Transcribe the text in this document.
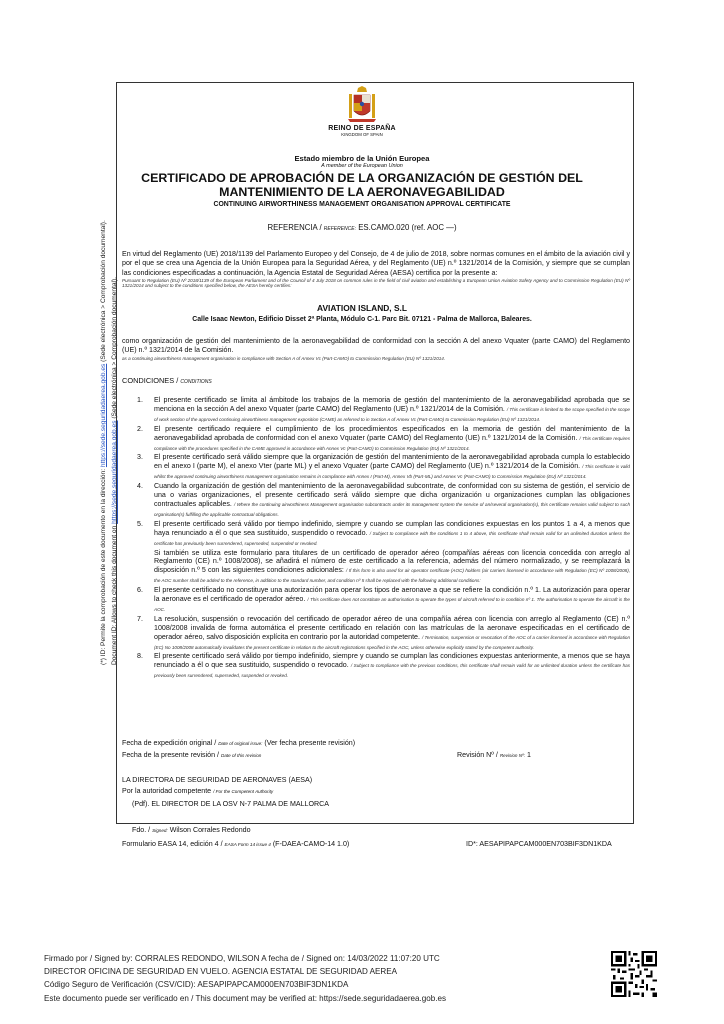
(*) ID: Permite la comprobación de este documento en la dirección: https://sede.seguridadaerea.gob.es (Sede electrónica > Comprobación documental).
Document ID: Allows to check this document on https://sede.seguridadaerea.gob.es (Sede electrónica > Comprobación documental).
REINO DE ESPAÑA
KINGDOM OF SPAIN
Estado miembro de la Unión Europea
A member of the European Union
CERTIFICADO DE APROBACIÓN DE LA ORGANIZACIÓN DE GESTIÓN DEL
MANTENIMIENTO DE LA AERONAVEGABILIDAD
CONTINUING AIRWORTHINESS MANAGEMENT ORGANISATION APPROVAL CERTIFICATE
REFERENCIA / REFERENCE: ES.CAMO.020 (ref. AOC —)
En virtud del Reglamento (UE) 2018/1139 del Parlamento Europeo y del Consejo, de 4 de julio de 2018, sobre normas comunes en el ámbito de la aviación civil y por el que se crea una Agencia de la Unión Europea para la Seguridad Aérea, y del Reglamento (UE) n.º 1321/2014 de la Comisión, y siempre que se cumplan las condiciones especificadas a continuación, la Agencia Estatal de Seguridad Aérea (AESA) certifica por la presente a:
Pursuant to Regulation (EU) Nº 2018/1139 of the European Parliament and of the Council of 4 July 2018 on common rules in the field of civil aviation and establishing a European Union Aviation Safety Agency and to Commission Regulation (EU) Nº 1321/2014 and subject to the conditions specified below, the AESA hereby certifies:
AVIATION ISLAND, S.L
Calle Isaac Newton, Edificio Disset 2ª Planta, Módulo C-1. Parc Bit. 07121 - Palma de Mallorca, Baleares.
como organización de gestión del mantenimiento de la aeronavegabilidad de conformidad con la sección A del anexo Vquater (parte CAMO) del Reglamento (UE) n.º 1321/2014 de la Comisión.
as a continuing airworthiness management organisation in compliance with Section A of Annex Vc (Part-CAMO) to Commission Regulation (EU) Nº 1321/2014.
CONDICIONES / CONDITIONS
1.	El presente certificado se limita al ámbitode los trabajos de la memoria de gestión del mantenimiento de la aeronavegabilidad aprobada que se menciona en la sección A del anexo Vquater (parte CAMO) del Reglamento (UE) n.º 1321/2014 de la Comisión. / This certificate is limited to the scope specified in the scope of work section of the approved continuing airworthiness management exposition (CAME) as referred to in Section A of Annex Vc (Part-CAMO) to Commission Regulation (EU) Nº 1321/2014.
2.	El presente certificado requiere el cumplimiento de los procedimientos especificados en la memoria de gestión del mantenimiento de la aeronavegabilidad aprobada de conformidad con el anexo Vquater (parte CAMO) del Reglamento (UE) n.º 1321/2014 de la Comisión. / This certificate requires compliance with the procedures specified in the CAME approved in accordance with Annex Vc (Part-CAMO) to Commission Regulation (EU) Nº 1321/2014.
3.	El presente certificado será válido siempre que la organización de gestión del mantenimiento de la aeronavegabilidad aprobada cumpla lo establecido en el anexo I (parte M), el anexo Vter (parte ML) y el anexo Vquater (parte CAMO) del Reglamento (UE) n.º 1321/2014 de la Comisión. / This certificate is valid whilst the approved continuing airworthiness management organisation remains in compliance with Annex I (Part-M), Annex Vb (Part-ML) and Annex Vc (Part-CAMO) to Commission Regulation (EU) Nº 1321/2014.
4.	Cuando la organización de gestión del mantenimiento de la aeronavegabilidad subcontrate, de conformidad con su sistema de gestión, el servicio de una o varias organizaciones, el presente certificado será válido siempre que dicha organización u organizaciones cumplan las obligaciones contractuales aplicables. / Where the continuing airworthiness Management organisation subcontracts under its management system the service of an/several organisation(s), this certificate remains valid subject to such organisation(s) fulfilling the applicable contractual obligations.
5.	El presente certificado será válido por tiempo indefinido, siempre y cuando se cumplan las condiciones expuestas en los puntos 1 a 4, a menos que haya renunciado a él o que sea sustituido, suspendido o revocado. / Subject to compliance with the conditions 1 to 4 above, this certificate shall remain valid for an unlimited duration unless the certificate has previously been surrendered, superseded, suspended or revoked.
Si también se utiliza este formulario para titulares de un certificado de operador aéreo (compañías aéreas con licencia concedida con arreglo al Reglamento (CE) n.º 1008/2008), se añadirá el número de este certificado a la referencia, además del número normalizado, y se reemplazará la disposición n.º 5 con las siguientes condiciones adicionales: / If this form is also used for air operator certificate (AOC) holders (air carriers licensed in accordance with Regulation (EC) Nº 1008/2008), the AOC number shall be added to the reference, in addition to the standard number, and condition nº 5 shall be replaced with the following additional conditions:
6.	El presente certificado no constituye una autorización para operar los tipos de aeronave a que se refiere la condición n.º 1. La autorización para operar la aeronave es el certificado de operador aéreo. / This certificate does not constitute an authorisation to operate the types of aircraft referred to in condition nº 1. The authorisation to operate the aircraft is the AOC.
7.	La resolución, suspensión o revocación del certificado de operador aéreo de una compañía aérea con licencia con arreglo al Reglamento (CE) n.º 1008/2008 invalida de forma automática el presente certificado en relación con las matrículas de la aeronave especificadas en el certificado de operador aéreo, salvo disposición explícita en contrario por la autoridad competente. / Termination, suspension or revocation of the AOC of a carrier licensed in accordance with Regulation (EC) No 1008/2008 automatically invalidates the present certificate in relation to the aircraft registrations specified in the AOC, unless otherwise explicitly stated by the competent authority.
8.	El presente certificado será válido por tiempo indefinido, siempre y cuando se cumplan las condiciones expuestas anteriormente, a menos que se haya renunciado a él o que sea sustituido, suspendido o revocado. / Subject to compliance with the previous conditions, this certificate shall remain valid for an unlimited duration unless the certificate has previously been surrendered, superseded, suspended or revoked.
Fecha de expedición original / Date of original issue: (Ver fecha presente revisión)
Fecha de la presente revisión / Date of this revision	Revisión Nº / Revision Nº: 1
LA DIRECTORA DE SEGURIDAD DE AERONAVES (AESA)
Por la autoridad competente / For the Competent Authority
(Pdf). EL DIRECTOR DE LA OSV N-7 PALMA DE MALLORCA
Fdo. / Signed: Wilson Corrales Redondo
Formulario EASA 14, edición 4 / EASA Form 14 issue 4 (F-DAEA-CAMO-14 1.0)	ID*: AESAPIPAPCAM000EN703BIF3DN1KDA
Firmado por / Signed by: CORRALES REDONDO, WILSON A fecha de / Signed on: 14/03/2022 11:07:20 UTC
DIRECTOR OFICINA DE SEGURIDAD EN VUELO. AGENCIA ESTATAL DE SEGURIDAD AEREA
Código Seguro de Verificación (CSV/CID): AESAPIPAPCAM000EN703BIF3DN1KDA
Este documento puede ser verificado en / This document may be verified at: https://sede.seguridadaerea.gob.es
